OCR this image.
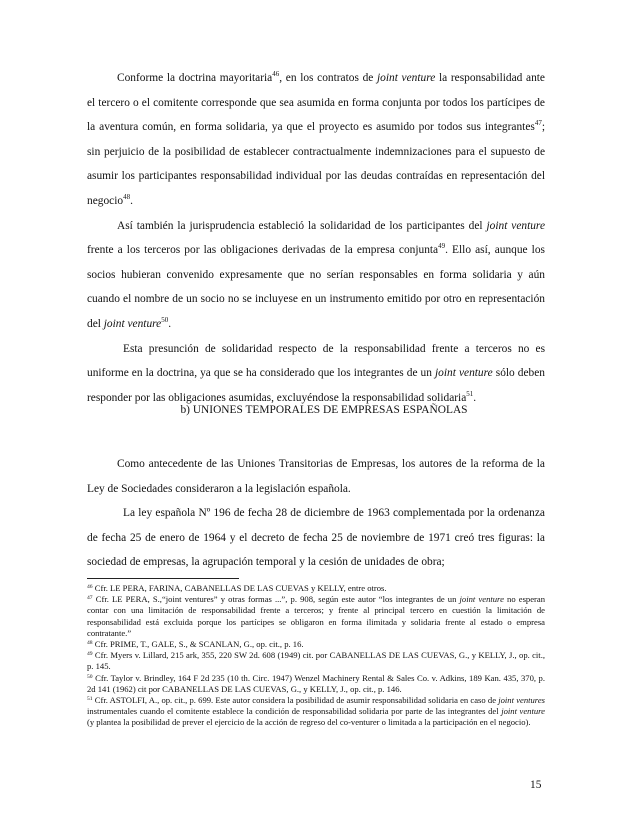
Conforme la doctrina mayoritaria$^{46}$, en los contratos de joint venture la responsabilidad ante el tercero o el comitente corresponde que sea asumida en forma conjunta por todos los partícipes de la aventura común, en forma solidaria, ya que el proyecto es asumido por todos sus integrantes$^{47}$; sin perjuicio de la posibilidad de establecer contractualmente indemnizaciones para el supuesto de asumir los participantes responsabilidad individual por las deudas contraídas en representación del negocio$^{48}$.

Así también la jurisprudencia estableció la solidaridad de los participantes del joint venture frente a los terceros por las obligaciones derivadas de la empresa conjunta$^{49}$. Ello así, aunque los socios hubieran convenido expresamente que no serían responsables en forma solidaria y aún cuando el nombre de un socio no se incluyese en un instrumento emitido por otro en representación del joint venture$^{50}$.

Esta presunción de solidaridad respecto de la responsabilidad frente a terceros no es uniforme en la doctrina, ya que se ha considerado que los integrantes de un joint venture sólo deben responder por las obligaciones asumidas, excluyéndose la responsabilidad solidaria$^{51}$.

b) UNIONES TEMPORALES DE EMPRESAS ESPAÑOLAS

Como antecedente de las Uniones Transitorias de Empresas, los autores de la reforma de la Ley de Sociedades consideraron a la legislación española.

La ley española Nº 196 de fecha 28 de diciembre de 1963 complementada por la ordenanza de fecha 25 de enero de 1964 y el decreto de fecha 25 de noviembre de 1971 creó tres figuras: la sociedad de empresas, la agrupación temporal y la cesión de unidades de obra;

$^{46}$ Cfr. LE PERA, FARINA, CABANELLAS DE LAS CUEVAS y KELLY, entre otros.

$^{47}$ Cfr. LE PERA, S.,“joint ventures” y otras formas ...”, p. 908, según este autor “los integrantes de un joint venture no esperan contar con una limitación de responsabilidad frente a terceros; y frente al principal tercero en cuestión la limitación de responsabilidad está excluida porque los partícipes se obligaron en forma ilimitada y solidaria frente al estado o empresa contratante.”

$^{48}$ Cfr. PRIME, T., GALE, S., & SCANLAN, G., op. cit., p. 16.

$^{49}$ Cfr. Myers v. Lillard, 215 ark, 355, 220 SW 2d. 608 (1949) cit. por CABANELLAS DE LAS CUEVAS, G., y KELLY, J., op. cit., p. 145.

$^{50}$ Cfr. Taylor v. Brindley, 164 F 2d 235 (10 th. Circ. 1947) Wenzel Machinery Rental & Sales Co. v. Adkins, 189 Kan. 435, 370, p. 2d 141 (1962) cit por CABANELLAS DE LAS CUEVAS, G., y KELLY, J., op. cit., p. 146.

$^{51}$ Cfr. ASTOLFI, A., op. cit., p. 699. Este autor considera la posibilidad de asumir responsabilidad solidaria en caso de joint ventures instrumentales cuando el comitente establece la condición de responsabilidad solidaria por parte de las integrantes del joint venture (y plantea la posibilidad de prever el ejercicio de la acción de regreso del co-venturer o limitada a la participación en el negocio).

15
